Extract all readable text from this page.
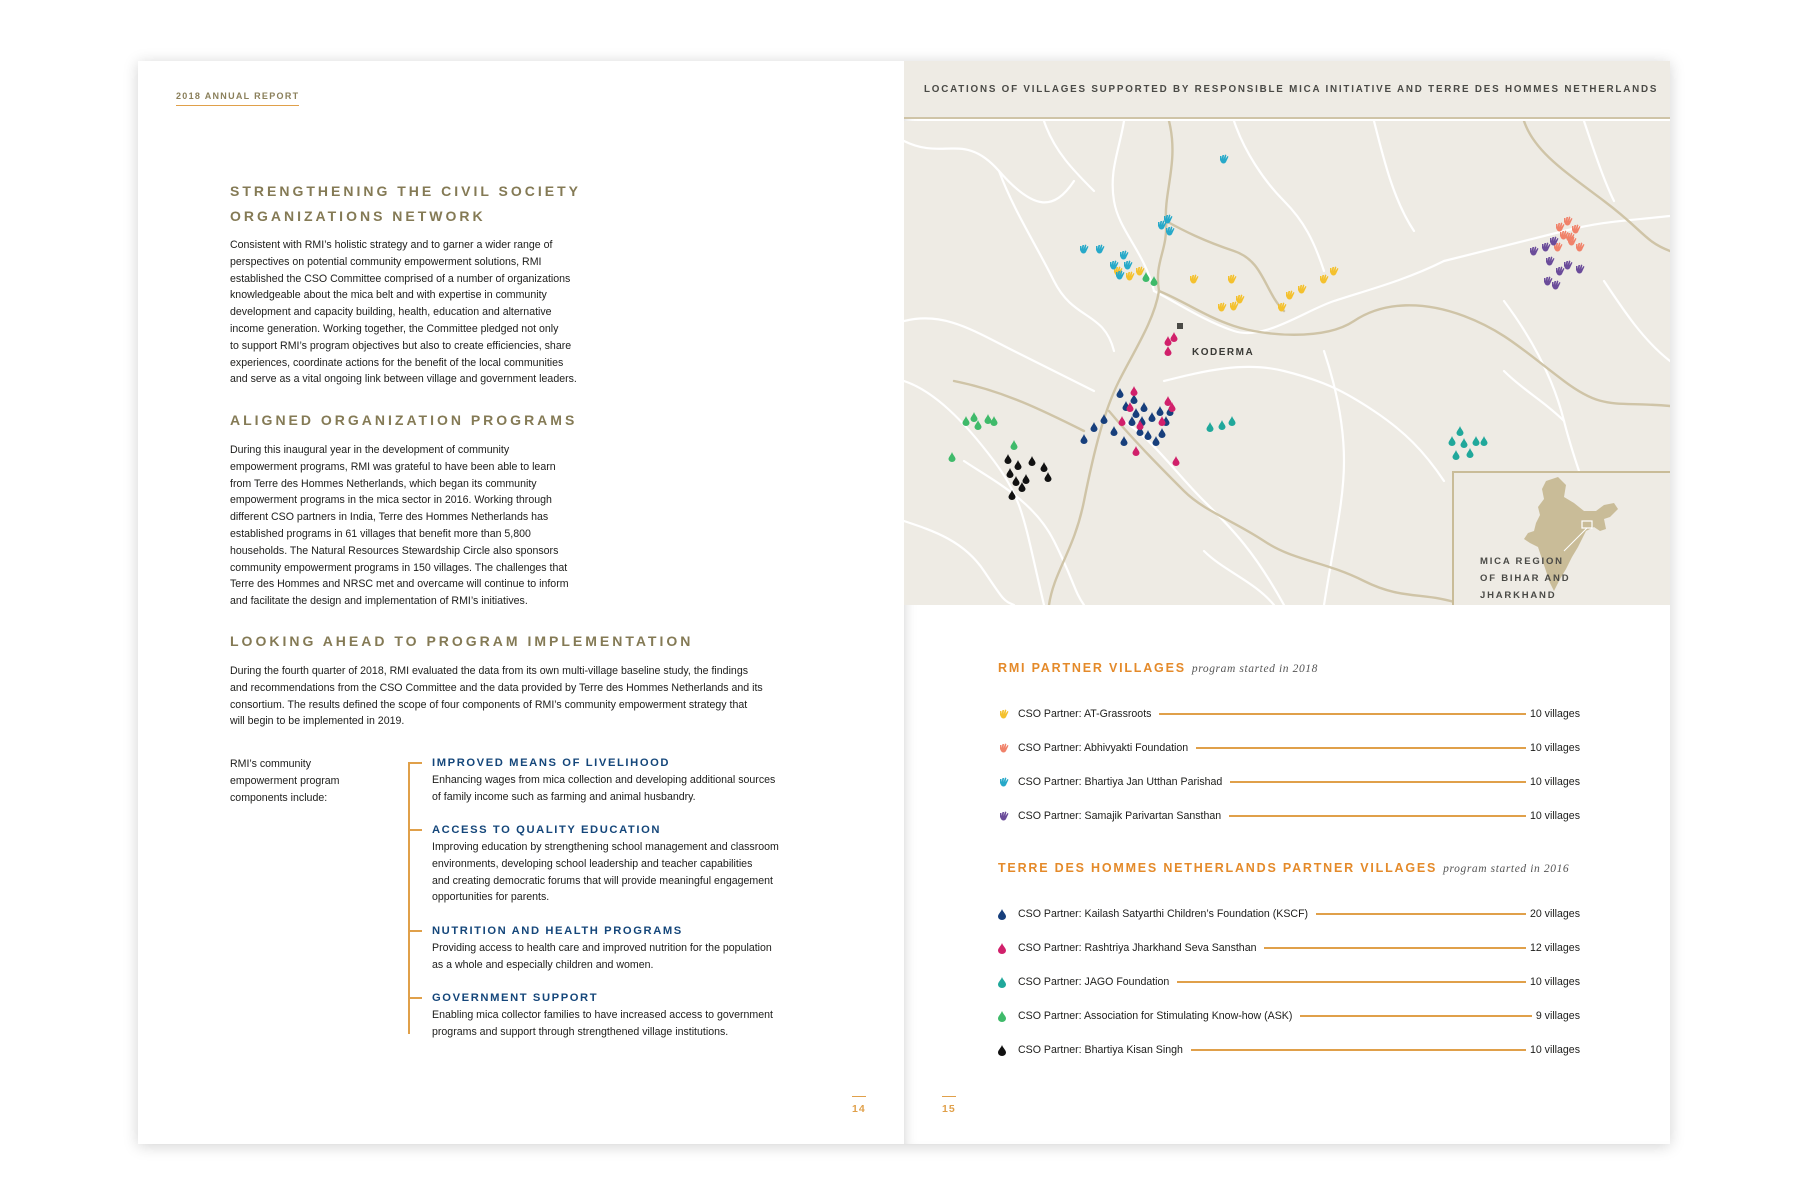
2018 ANNUAL REPORT
STRENGTHENING THE CIVIL SOCIETY
ORGANIZATIONS NETWORK
Consistent with RMI’s holistic strategy and to garner a wider range of
perspectives on potential community empowerment solutions, RMI
established the CSO Committee comprised of a number of organizations
knowledgeable about the mica belt and with expertise in community
development and capacity building, health, education and alternative
income generation. Working together, the Committee pledged not only
to support RMI’s program objectives but also to create efficiencies, share
experiences, coordinate actions for the benefit of the local communities
and serve as a vital ongoing link between village and government leaders.
ALIGNED ORGANIZATION PROGRAMS
During this inaugural year in the development of community
empowerment programs, RMI was grateful to have been able to learn
from Terre des Hommes Netherlands, which began its community
empowerment programs in the mica sector in 2016. Working through
different CSO partners in India, Terre des Hommes Netherlands has
established programs in 61 villages that benefit more than 5,800
households. The Natural Resources Stewardship Circle also sponsors
community empowerment programs in 150 villages. The challenges that
Terre des Hommes and NRSC met and overcame will continue to inform
and facilitate the design and implementation of RMI’s initiatives.
LOOKING AHEAD TO PROGRAM IMPLEMENTATION
During the fourth quarter of 2018, RMI evaluated the data from its own multi-village baseline study, the findings
and recommendations from the CSO Committee and the data provided by Terre des Hommes Netherlands and its
consortium. The results defined the scope of four components of RMI’s community empowerment strategy that
will begin to be implemented in 2019.
RMI’s community
empowerment program
components include:
IMPROVED MEANS OF LIVELIHOOD
Enhancing wages from mica collection and developing additional sources
of family income such as farming and animal husbandry.
ACCESS TO QUALITY EDUCATION
Improving education by strengthening school management and classroom
environments, developing school leadership and teacher capabilities
and creating democratic forums that will provide meaningful engagement
opportunities for parents.
NUTRITION AND HEALTH PROGRAMS
Providing access to health care and improved nutrition for the population
as a whole and especially children and women.
GOVERNMENT SUPPORT
Enabling mica collector families to have increased access to government
programs and support through strengthened village institutions.
14
LOCATIONS OF VILLAGES SUPPORTED BY RESPONSIBLE MICA INITIATIVE AND TERRE DES HOMMES NETHERLANDS
KODERMA
MICA REGION
OF BIHAR AND
JHARKHAND
RMI PARTNER VILLAGES program started in 2018
CSO Partner: AT-Grassroots	10 villages
CSO Partner: Abhivyakti Foundation	10 villages
CSO Partner: Bhartiya Jan Utthan Parishad	10 villages
CSO Partner: Samajik Parivartan Sansthan	10 villages
TERRE DES HOMMES NETHERLANDS PARTNER VILLAGES program started in 2016
CSO Partner: Kailash Satyarthi Children’s Foundation (KSCF)	20 villages
CSO Partner: Rashtriya Jharkhand Seva Sansthan	12 villages
CSO Partner: JAGO Foundation	10 villages
CSO Partner: Association for Stimulating Know-how (ASK)	9 villages
CSO Partner: Bhartiya Kisan Singh	10 villages
15
